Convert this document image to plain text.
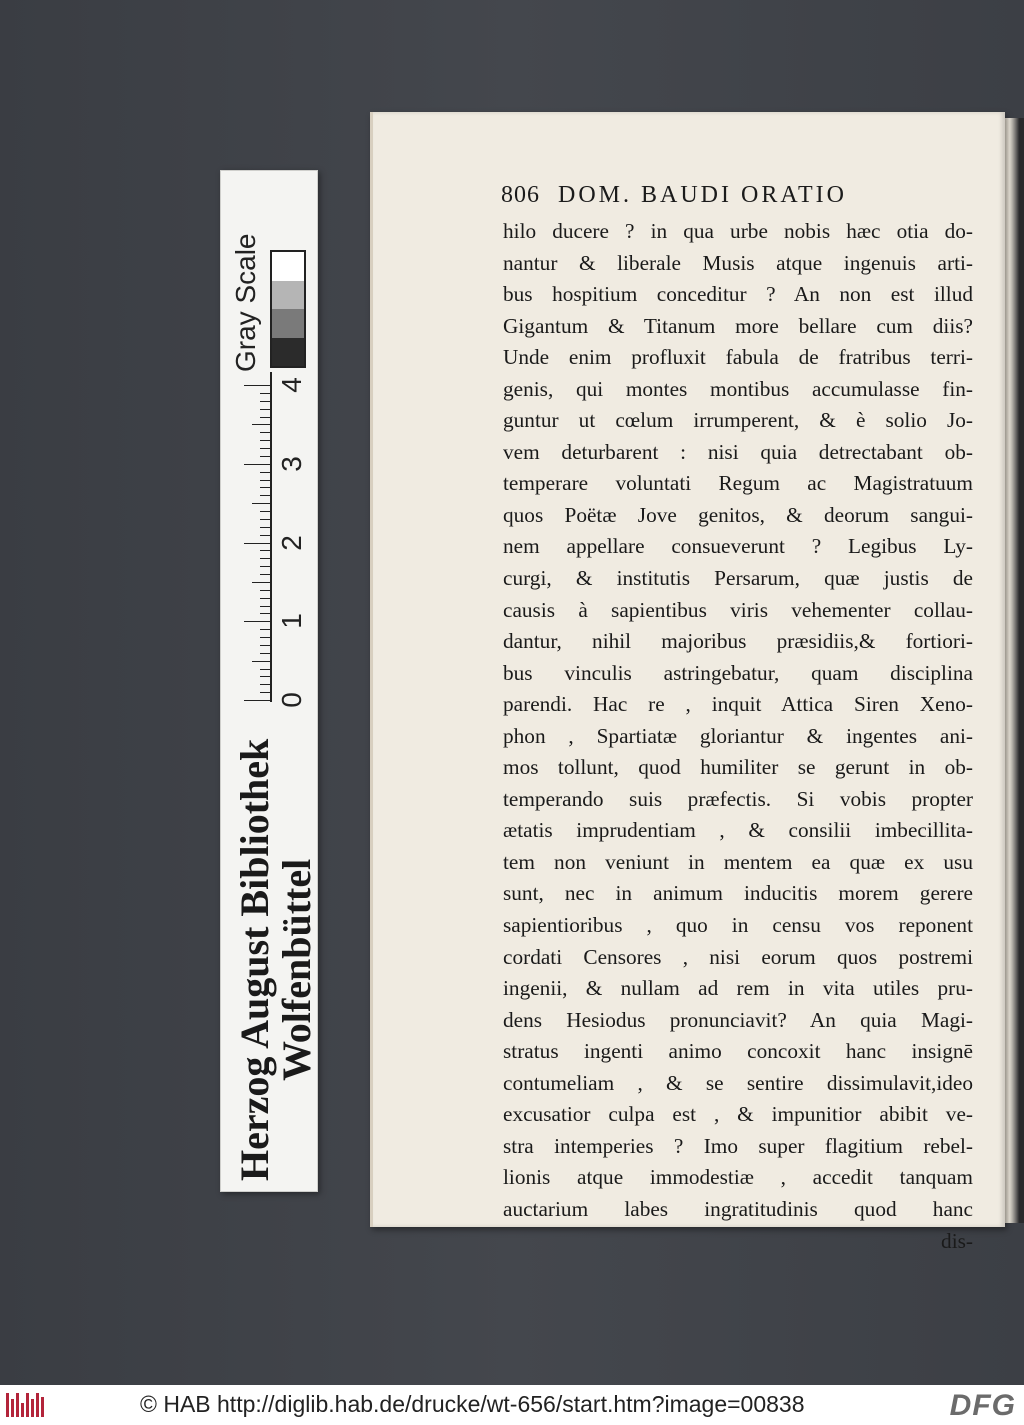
Herzog August Bibliothek
Wolfenbüttel
Gray Scale
0
1
2
3
4
806 DOM. BAUDI ORATIO
hilo ducere ? in qua urbe nobis hæc otia do-
nantur & liberale Musis atque ingenuis arti-
bus hospitium conceditur ? An non est illud
Gigantum & Titanum more bellare cum diis?
Unde enim profluxit fabula de fratribus terri-
genis, qui montes montibus accumulasse fin-
guntur ut cœlum irrumperent, & è solio Jo-
vem deturbarent : nisi quia detrectabant ob-
temperare voluntati Regum ac Magistratuum
quos Poëtæ Jove genitos, & deorum sangui-
nem appellare consueverunt ? Legibus Ly-
curgi, & institutis Persarum, quæ justis de
causis à sapientibus viris vehementer collau-
dantur, nihil majoribus præsidiis,& fortiori-
bus vinculis astringebatur, quam disciplina
parendi. Hac re , inquit Attica Siren Xeno-
phon , Spartiatæ gloriantur & ingentes ani-
mos tollunt, quod humiliter se gerunt in ob-
temperando suis præfectis. Si vobis propter
ætatis imprudentiam , & consilii imbecillita-
tem non veniunt in mentem ea quæ ex usu
sunt, nec in animum inducitis morem gerere
sapientioribus , quo in censu vos reponent
cordati Censores , nisi eorum quos postremi
ingenii, & nullam ad rem in vita utiles pru-
dens Hesiodus pronunciavit? An quia Magi-
stratus ingenti animo concoxit hanc insignē
contumeliam , & se sentire dissimulavit,ideo
excusatior culpa est , & impunitior abibit ve-
stra intemperies ? Imo super flagitium rebel-
lionis atque immodestiæ , accedit tanquam
auctarium labes ingratitudinis quod hanc
dis-
© HAB http://diglib.hab.de/drucke/wt-656/start.htm?image=00838	DFG
